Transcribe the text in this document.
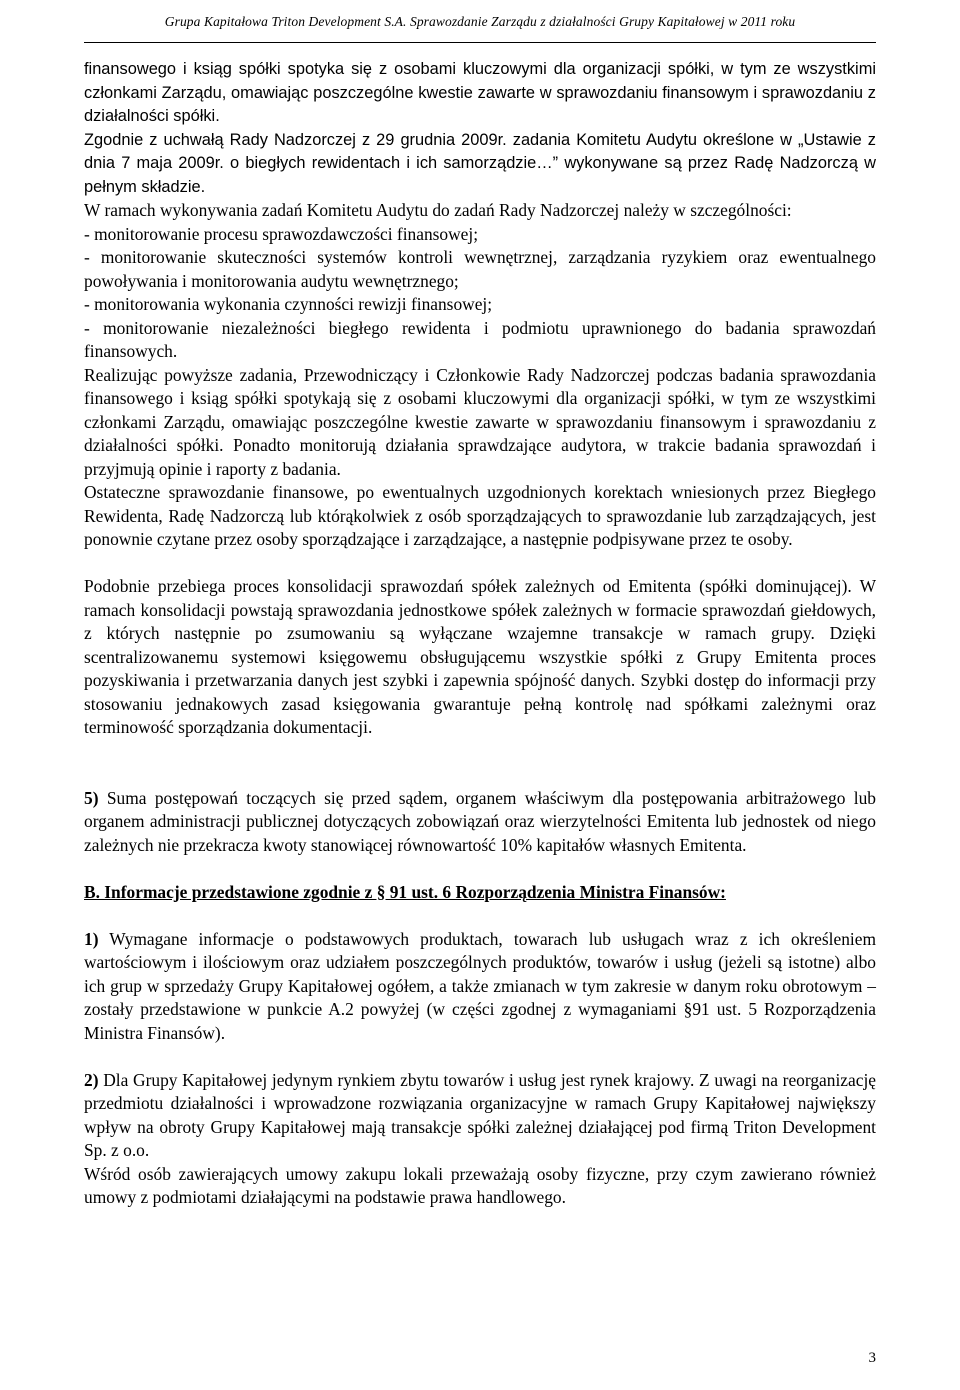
Grupa Kapitałowa Triton Development S.A. Sprawozdanie Zarządu z działalności Grupy Kapitałowej w 2011 roku

finansowego i ksiąg spółki spotyka się z osobami kluczowymi dla organizacji spółki, w tym ze wszystkimi członkami Zarządu, omawiając poszczególne kwestie zawarte w sprawozdaniu finansowym i sprawozdaniu z działalności spółki.

Zgodnie z uchwałą Rady Nadzorczej z 29 grudnia 2009r. zadania Komitetu Audytu określone w „Ustawie z dnia 7 maja 2009r. o biegłych rewidentach i ich samorządzie…” wykonywane są przez Radę Nadzorczą w pełnym składzie.

W ramach wykonywania zadań Komitetu Audytu do zadań Rady Nadzorczej należy w szczególności:

- monitorowanie procesu sprawozdawczości finansowej;

- monitorowanie skuteczności systemów kontroli wewnętrznej, zarządzania ryzykiem oraz ewentualnego powoływania i monitorowania audytu wewnętrznego;

- monitorowania wykonania czynności rewizji finansowej;

- monitorowanie niezależności biegłego rewidenta i podmiotu uprawnionego do badania sprawozdań finansowych.

Realizując powyższe zadania, Przewodniczący i Członkowie Rady Nadzorczej podczas badania sprawozdania finansowego i ksiąg spółki spotykają się z osobami kluczowymi dla organizacji spółki, w tym ze wszystkimi członkami Zarządu, omawiając poszczególne kwestie zawarte w sprawozdaniu finansowym i sprawozdaniu z działalności spółki. Ponadto monitorują działania sprawdzające audytora, w trakcie badania sprawozdań i przyjmują opinie i raporty z badania.

Ostateczne sprawozdanie finansowe, po ewentualnych uzgodnionych korektach wniesionych przez Biegłego Rewidenta, Radę Nadzorczą lub którąkolwiek z osób sporządzających to sprawozdanie lub zarządzających, jest ponownie czytane przez osoby sporządzające i zarządzające, a następnie podpisywane przez te osoby.

Podobnie przebiega proces konsolidacji sprawozdań spółek zależnych od Emitenta (spółki dominującej). W ramach konsolidacji powstają sprawozdania jednostkowe spółek zależnych w formacie sprawozdań giełdowych, z których następnie po zsumowaniu są wyłączane wzajemne transakcje w ramach grupy. Dzięki scentralizowanemu systemowi księgowemu obsługującemu wszystkie spółki z Grupy Emitenta proces pozyskiwania i przetwarzania danych jest szybki i zapewnia spójność danych. Szybki dostęp do informacji przy stosowaniu jednakowych zasad księgowania gwarantuje pełną kontrolę nad spółkami zależnymi oraz terminowość sporządzania dokumentacji.

5) Suma postępowań toczących się przed sądem, organem właściwym dla postępowania arbitrażowego lub organem administracji publicznej dotyczących zobowiązań oraz wierzytelności Emitenta lub jednostek od niego zależnych nie przekracza kwoty stanowiącej równowartość 10% kapitałów własnych Emitenta.

B. Informacje przedstawione zgodnie z § 91 ust. 6 Rozporządzenia Ministra Finansów:

1) Wymagane informacje o podstawowych produktach, towarach lub usługach wraz z ich określeniem wartościowym i ilościowym oraz udziałem poszczególnych produktów, towarów i usług (jeżeli są istotne) albo ich grup w sprzedaży Grupy Kapitałowej ogółem, a także zmianach w tym zakresie w danym roku obrotowym – zostały przedstawione w punkcie A.2 powyżej (w części zgodnej z wymaganiami §91 ust. 5 Rozporządzenia Ministra Finansów).

2) Dla Grupy Kapitałowej jedynym rynkiem zbytu towarów i usług jest rynek krajowy. Z uwagi na reorganizację przedmiotu działalności i wprowadzone rozwiązania organizacyjne w ramach Grupy Kapitałowej największy wpływ na obroty Grupy Kapitałowej mają transakcje spółki zależnej działającej pod firmą Triton Development Sp. z o.o.

Wśród osób zawierających umowy zakupu lokali przeważają osoby fizyczne, przy czym zawierano również umowy z podmiotami działającymi na podstawie prawa handlowego.

3
